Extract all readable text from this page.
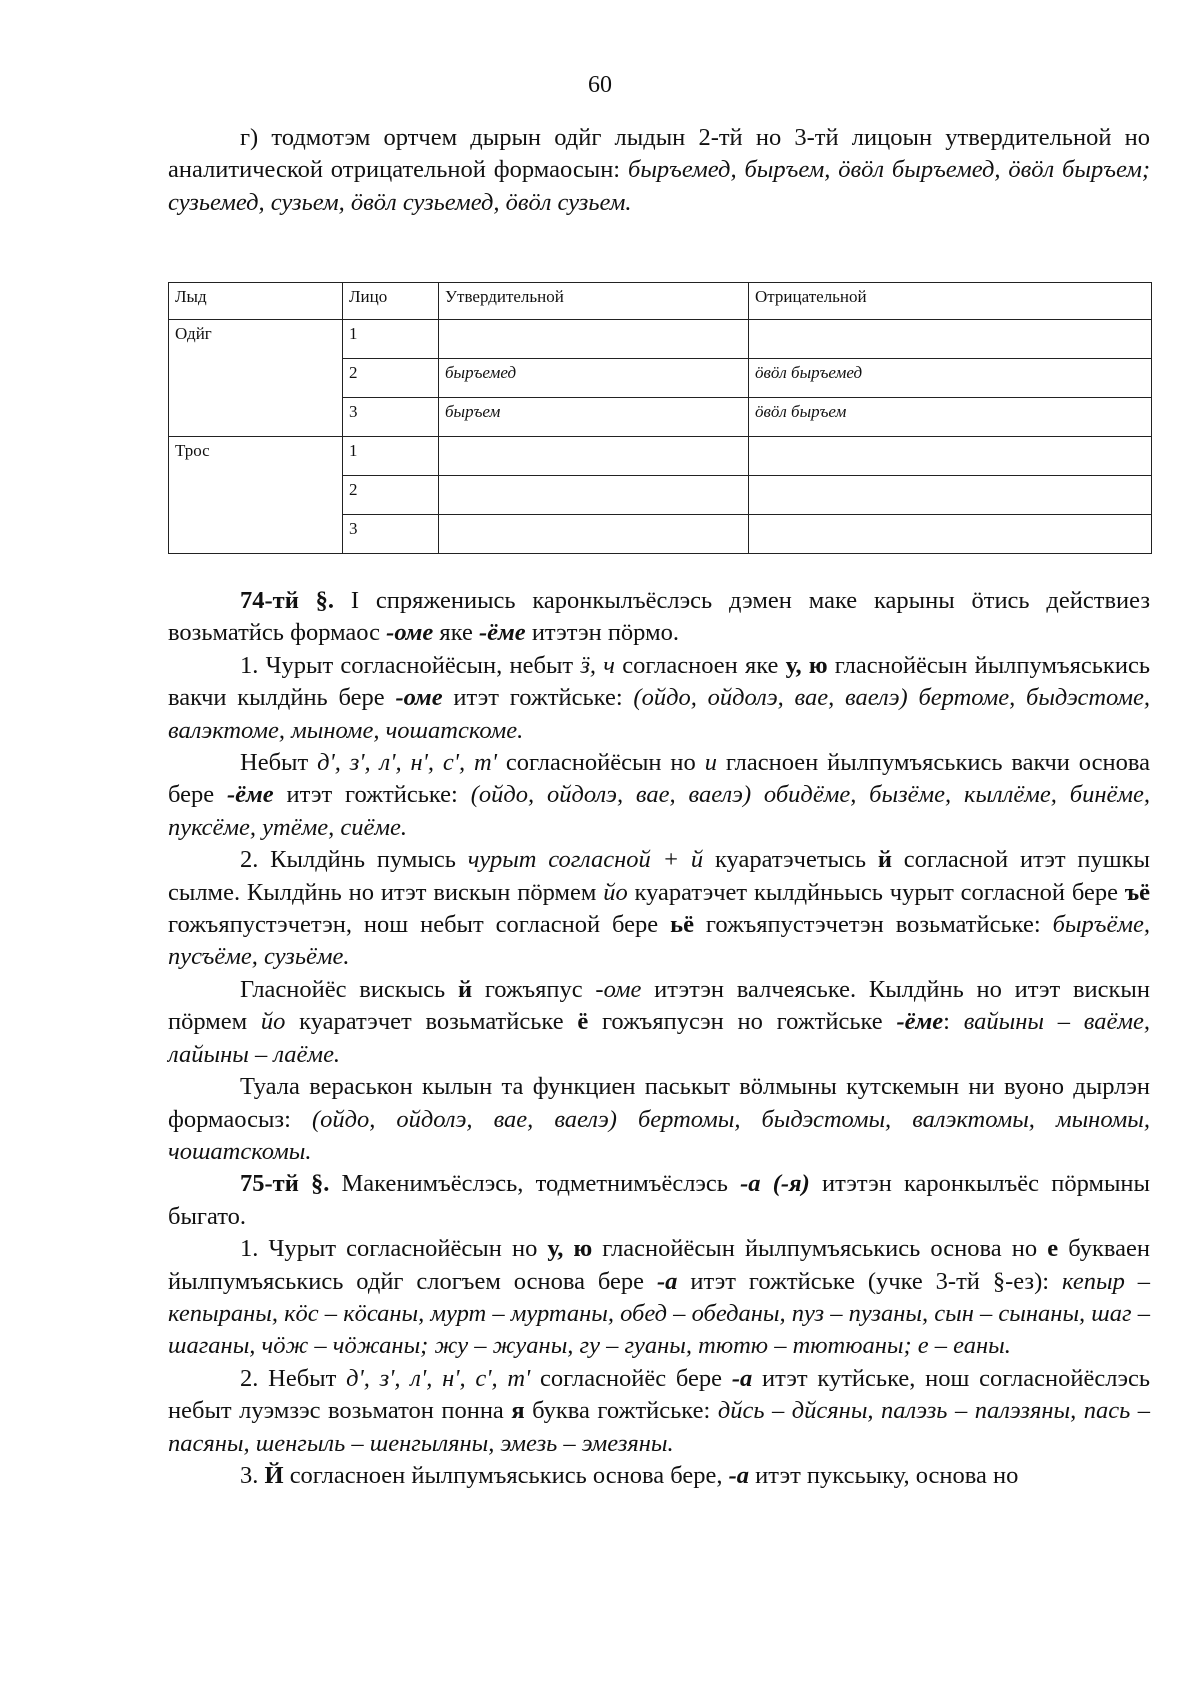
60

г) тодмотэм ортчем дырын одйг лыдын 2-тй но 3-тй лицоын утвердительной но аналитической отрицательной формаосын: быръемед, быръем, öвöл быръемед, öвöл быръем; сузьемед, сузьем, öвöл сузьемед, öвöл сузьем.

Лыд	Лицо	Утвердительной	Отрицательной
Одйг	1		
	2	быръемед	öвöл быръемед
	3	быръем	öвöл быръем
Трос	1		
	2		
	3		

74-тй §. I спряжениысь каронкылъёслэсь дэмен маке карыны öтись действиез возьматйсь формаос -оме яке -ёме итэтэн пöрмо.

1. Чурыт согласнойёсын, небыт ӟ, ч согласноен яке у, ю гласнойёсын йылпумъяськись вакчи кылдйнь бере -оме итэт гожтйське: (ойдо, ойдолэ, вае, ваелэ) бертоме, быдэстоме, валэктоме, мыноме, чошатскоме.

Небыт д', з', л', н', с', т' согласнойёсын но и гласноен йылпумъяськись вакчи основа бере -ёме итэт гожтйське: (ойдо, ойдолэ, вае, ваелэ) обидёме, бызёме, кыллёме, бинёме, пуксёме, утёме, сиёме.

2. Кылдйнь пумысь чурыт согласной + й куаратэчетысь й согласной итэт пушкы сылме. Кылдйнь но итэт вискын пöрмем йо куаратэчет кылдйньысь чурыт согласной бере ъё гожъяпустэчетэн, нош небыт согласной бере ьё гожъяпустэчетэн возьматйське: быръёме, пусъёме, сузьёме.

Гласнойёс вискысь й гожъяпус -оме итэтэн валчеяське. Кылдйнь но итэт вискын пöрмем йо куаратэчет возьматйське ё гожъяпусэн но гожтйське -ёме: вайыны – ваёме, лайыны – лаёме.

Туала вераськон кылын та функциен паськыт вöлмыны кутскемын ни вуоно дырлэн формаосыз: (ойдо, ойдолэ, вае, ваелэ) бертомы, быдэстомы, валэктомы, мыномы, чошатскомы.

75-тй §. Макенимъёслэсь, тодметнимъёслэсь -а (-я) итэтэн каронкылъёс пöрмыны быгато.

1. Чурыт согласнойёсын но у, ю гласнойёсын йылпумъяськись основа но е букваен йылпумъяськись одйг слогъем основа бере -а итэт гожтйське (учке 3-тй §-ез): кепыр – кепыраны, кöс – кöсаны, мурт – муртаны, обед – обеданы, пуз – пузаны, сын – сынаны, шаг – шаганы, чöж – чöжаны; жу – жуаны, гу – гуаны, тютю – тютюаны; е – еаны.

2. Небыт д', з', л', н', с', т' согласнойёс бере -а итэт кутйське, нош согласнойёслэсь небыт луэмзэс возьматон понна я буква гожтйське: дйсь – дйсяны, палэзь – палэзяны, пась – пасяны, шенгыль – шенгыляны, эмезь – эмезяны.

3. Й согласноен йылпумъяськись основа бере, -а итэт пуксьыку, основа но
